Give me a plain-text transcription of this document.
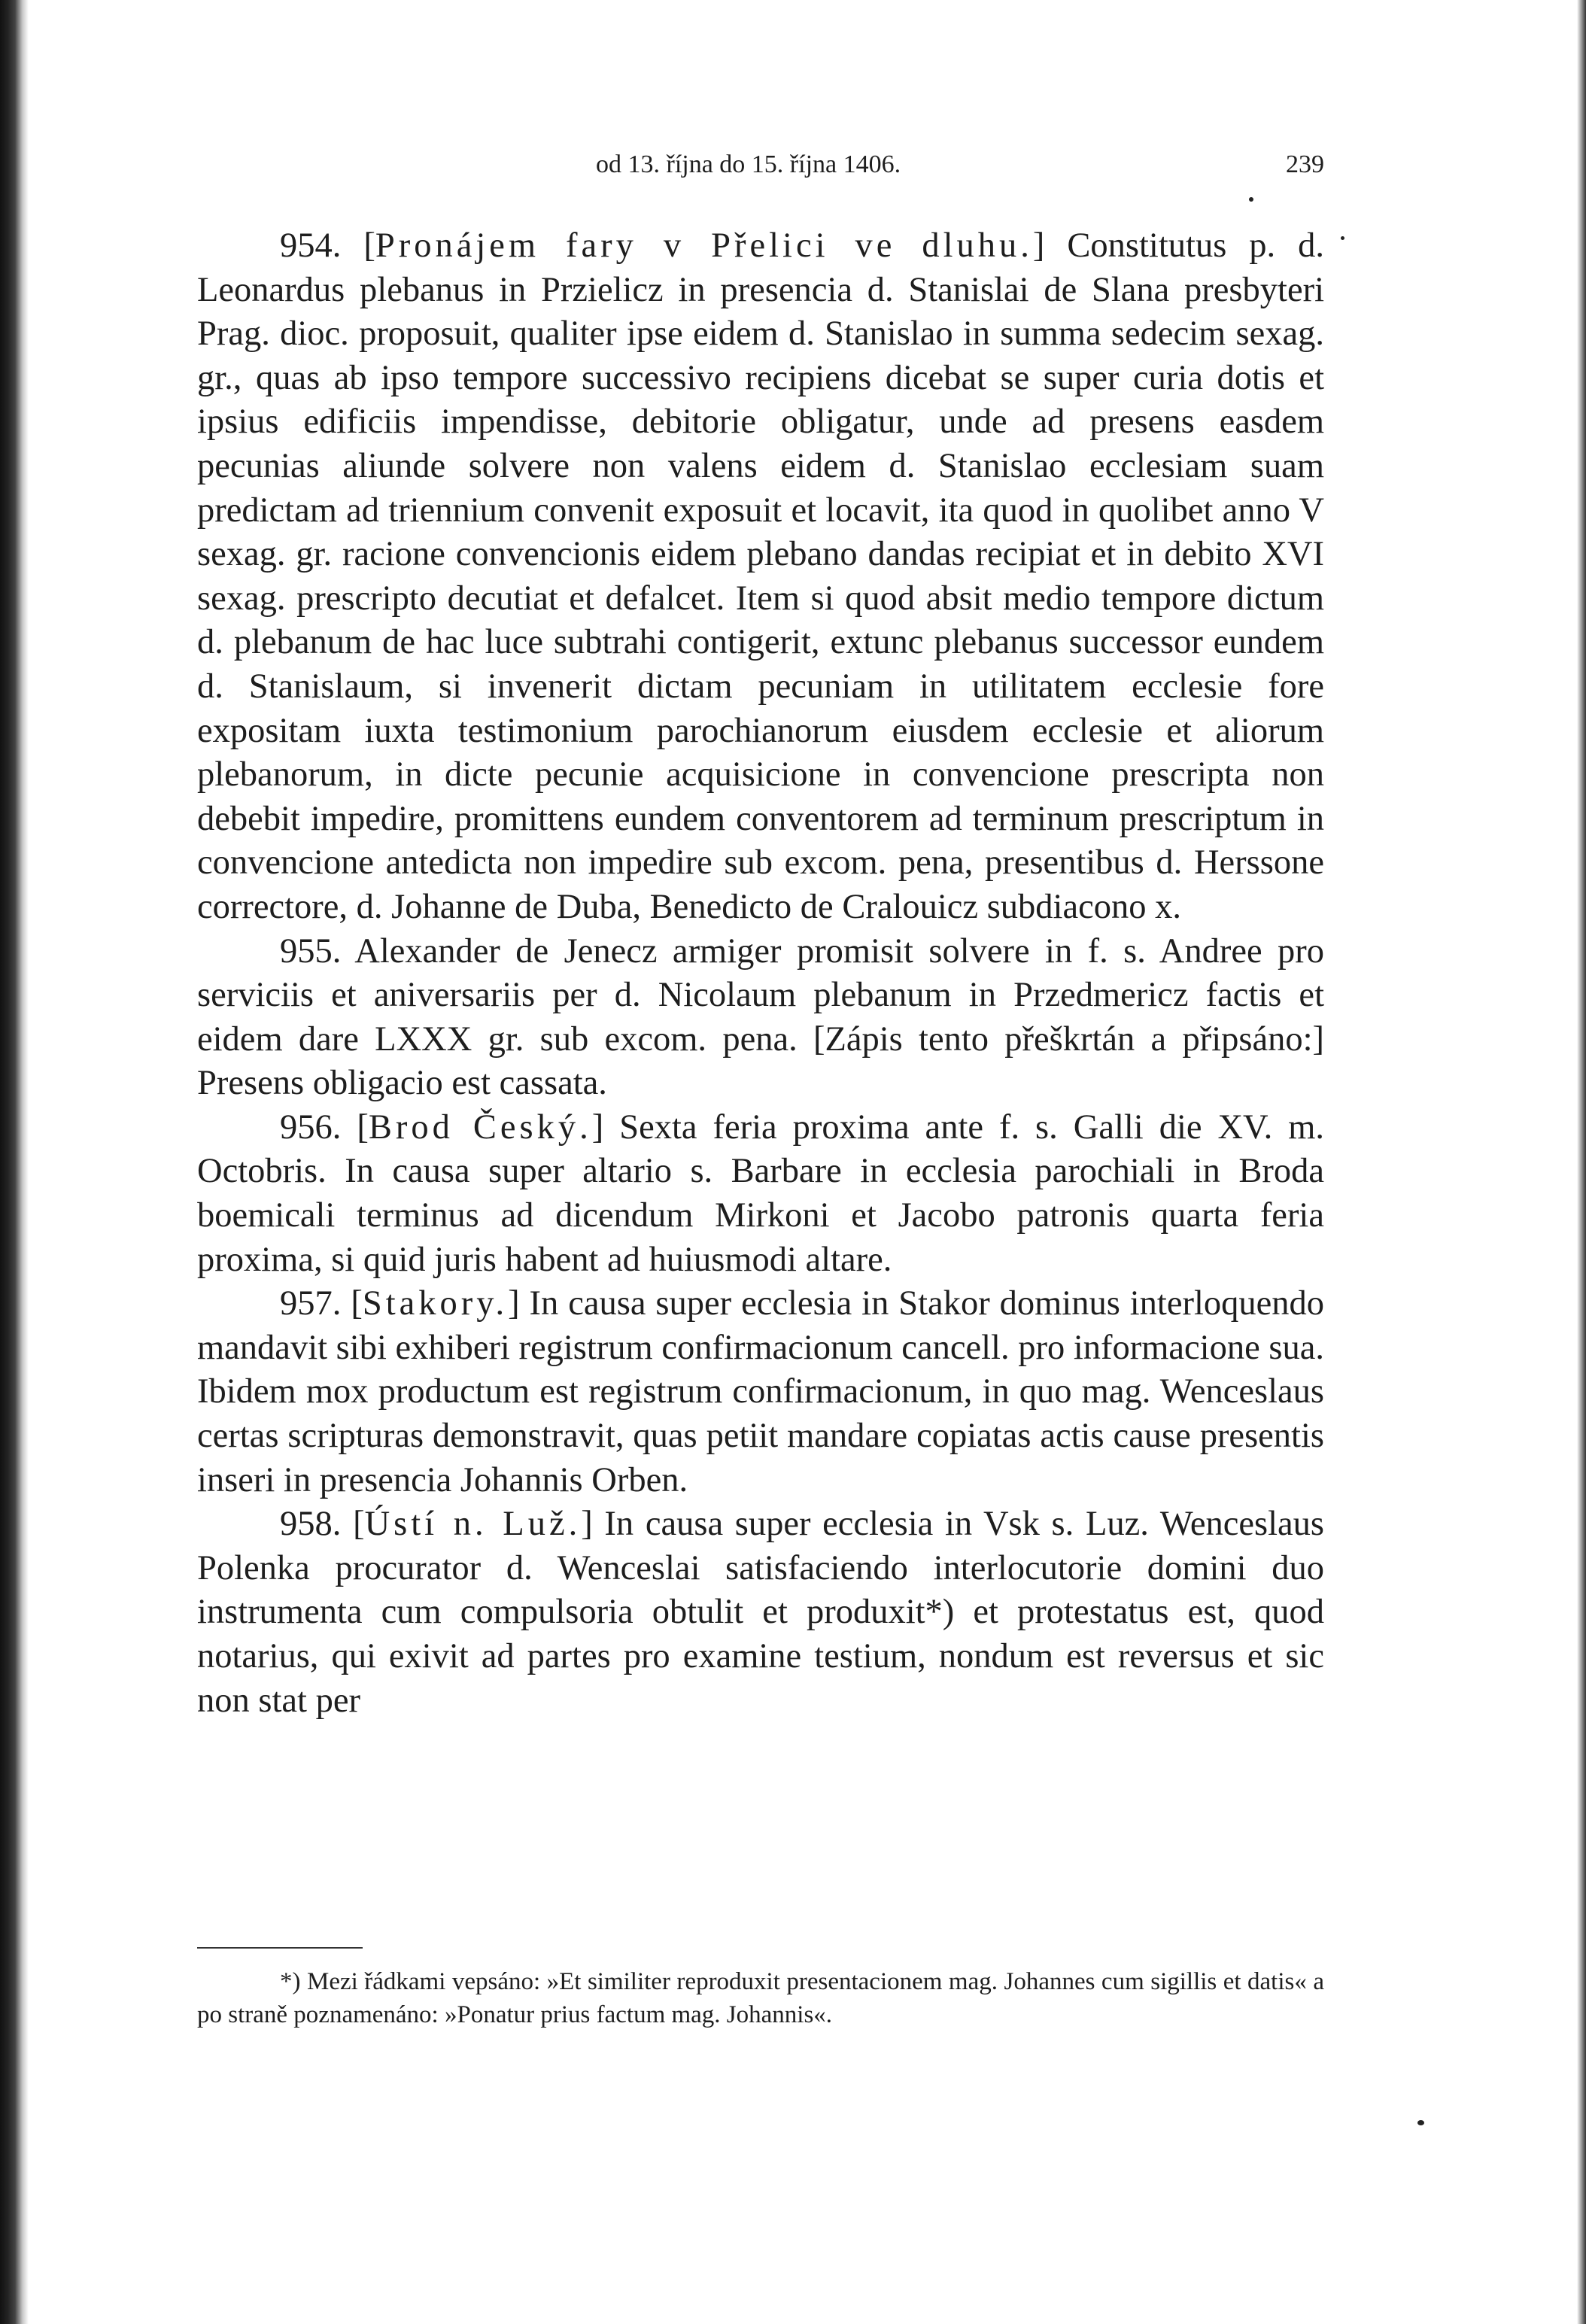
od 13. října do 15. října 1406.	239

954. [Pronájem fary v Přelici ve dluhu.] Constitutus p. d. Leonardus plebanus in Przielicz in presencia d. Stanislai de Slana presbyteri Prag. dioc. proposuit, qualiter ipse eidem d. Stanislao in summa sedecim sexag. gr., quas ab ipso tempore successivo recipiens dicebat se super curia dotis et ipsius edificiis impendisse, debitorie obligatur, unde ad presens easdem pecunias aliunde solvere non valens eidem d. Stanislao ecclesiam suam predictam ad triennium convenit exposuit et locavit, ita quod in quolibet anno V sexag. gr. racione convencionis eidem plebano dandas recipiat et in debito XVI sexag. prescripto decutiat et defalcet. Item si quod absit medio tempore dictum d. plebanum de hac luce subtrahi contigerit, extunc plebanus successor eundem d. Stanislaum, si invenerit dictam pecuniam in utilitatem ecclesie fore expositam iuxta testimonium parochianorum eiusdem ecclesie et aliorum plebanorum, in dicte pecunie acquisicione in convencione prescripta non debebit impedire, promittens eundem conventorem ad terminum prescriptum in convencione antedicta non impedire sub excom. pena, presentibus d. Herssone correctore, d. Johanne de Duba, Benedicto de Cralouicz subdiacono x.

955. Alexander de Jenecz armiger promisit solvere in f. s. Andree pro serviciis et aniversariis per d. Nicolaum plebanum in Przedmericz factis et eidem dare LXXX gr. sub excom. pena. [Zápis tento přeškrtán a připsáno:] Presens obligacio est cassata.

956. [Brod Český.] Sexta feria proxima ante f. s. Galli die XV. m. Octobris. In causa super altario s. Barbare in ecclesia parochiali in Broda boemicali terminus ad dicendum Mirkoni et Jacobo patronis quarta feria proxima, si quid juris habent ad huiusmodi altare.

957. [Stakory.] In causa super ecclesia in Stakor dominus interloquendo mandavit sibi exhiberi registrum confirmacionum cancell. pro informacione sua. Ibidem mox productum est registrum confirmacionum, in quo mag. Wenceslaus certas scripturas demonstravit, quas petiit mandare copiatas actis cause presentis inseri in presencia Johannis Orben.

958. [Ústí n. Luž.] In causa super ecclesia in Vsk s. Luz. Wenceslaus Polenka procurator d. Wenceslai satisfaciendo interlocutorie domini duo instrumenta cum compulsoria obtulit et produxit*) et protestatus est, quod notarius, qui exivit ad partes pro examine testium, nondum est reversus et sic non stat per

*) Mezi řádkami vepsáno: »Et similiter reproduxit presentacionem mag. Johannes cum sigillis et datis« a po straně poznamenáno: »Ponatur prius factum mag. Johannis«.
